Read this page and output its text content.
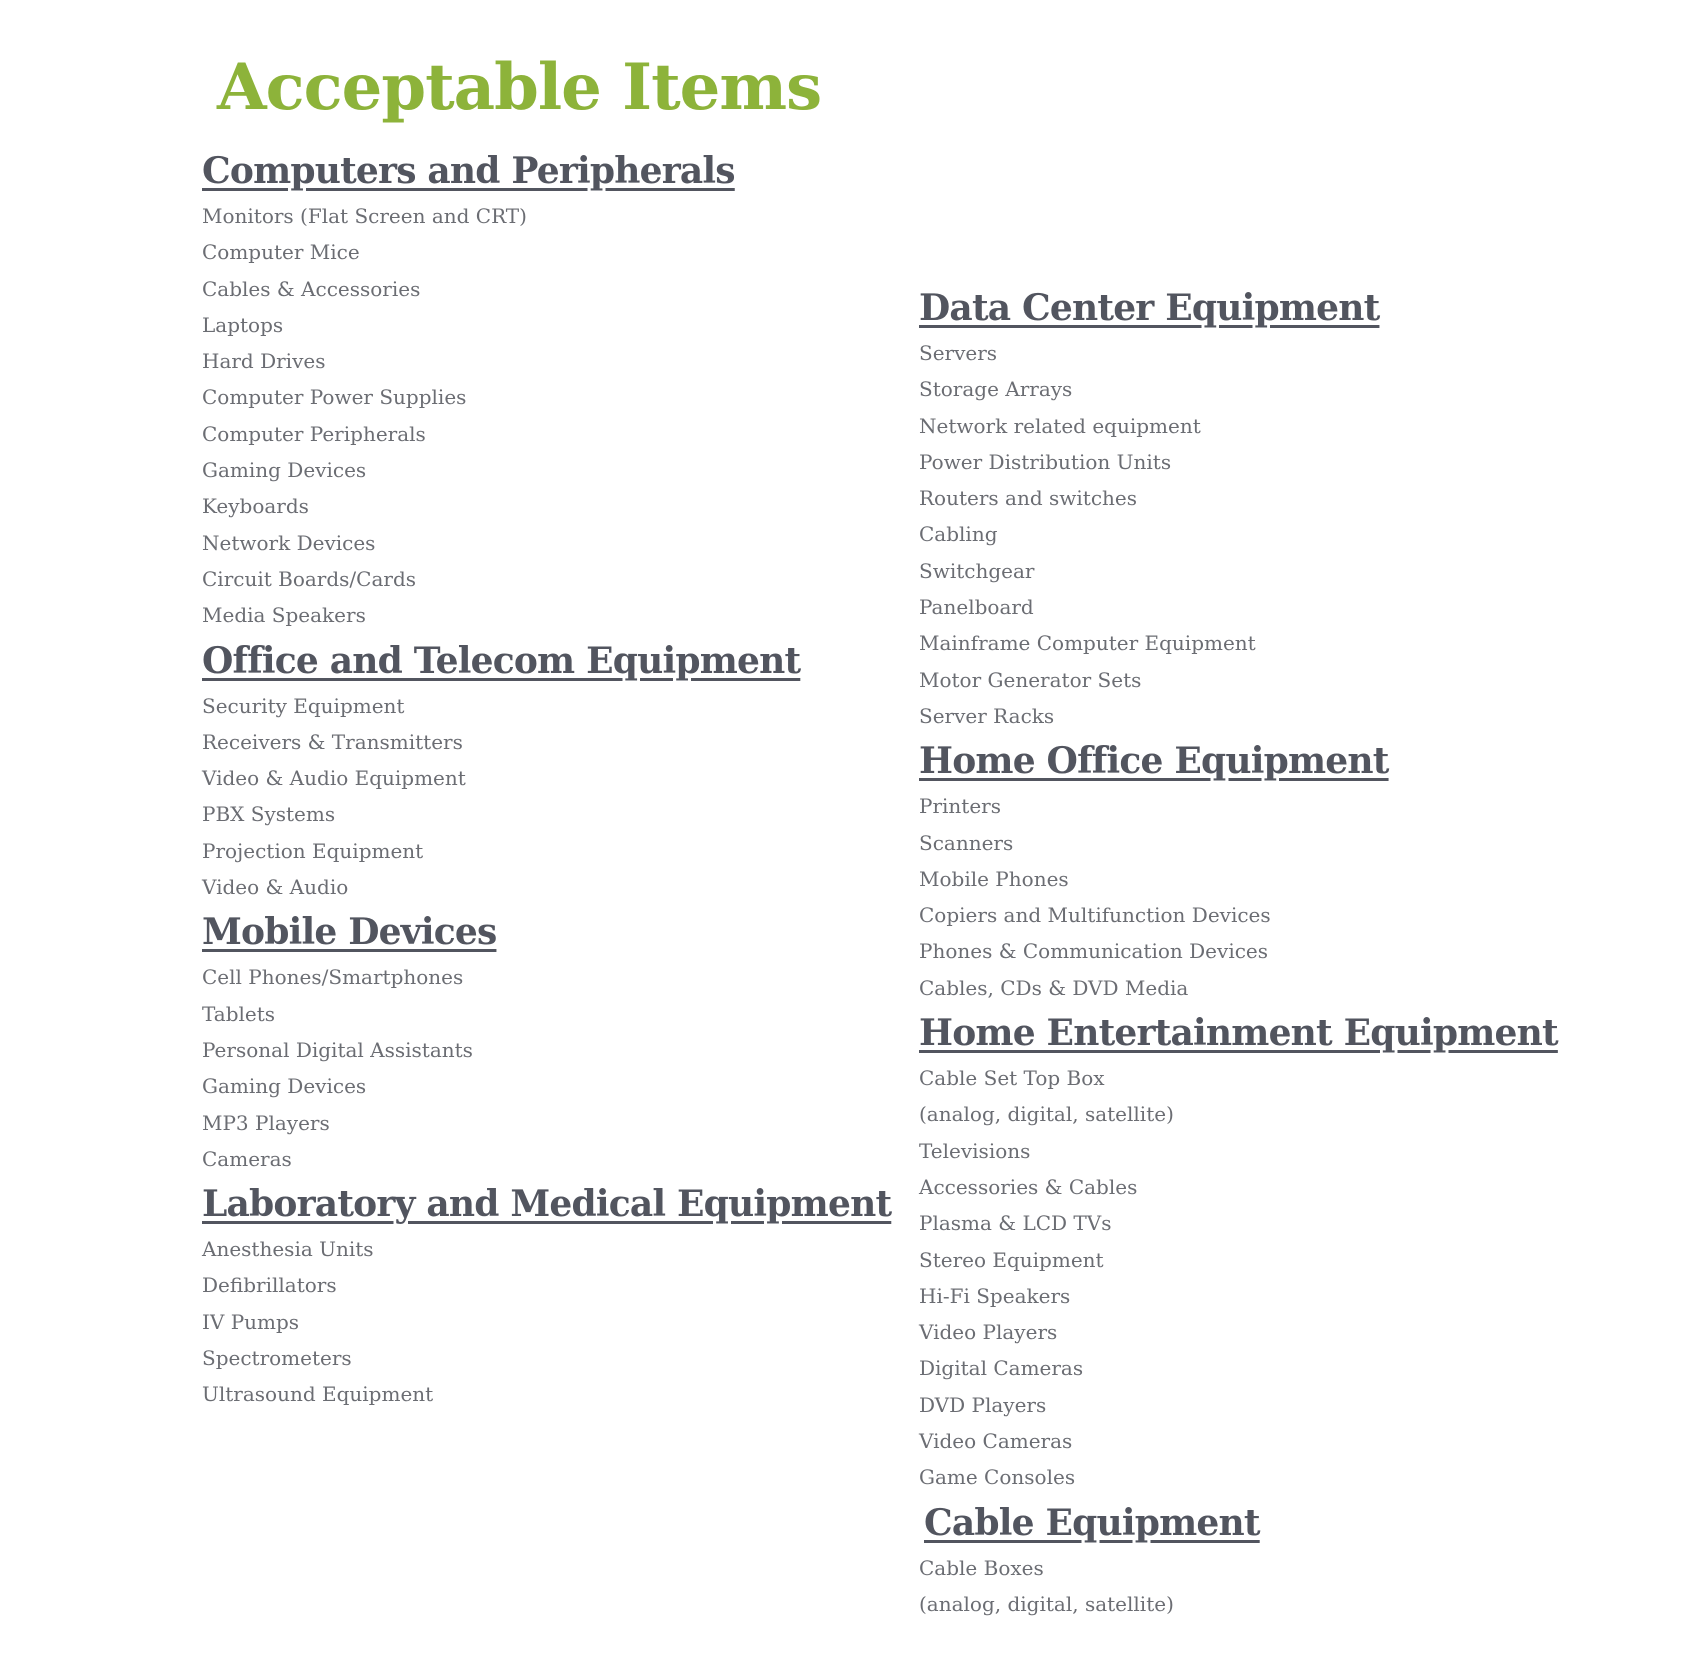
Acceptable Items
Computers and Peripherals
Monitors (Flat Screen and CRT)
Computer Mice
Cables & Accessories
Laptops
Hard Drives
Computer Power Supplies
Computer Peripherals
Gaming Devices
Keyboards
Network Devices
Circuit Boards/Cards
Media Speakers
Office and Telecom Equipment
Security Equipment
Receivers & Transmitters
Video & Audio Equipment
PBX Systems
Projection Equipment
Video & Audio
Mobile Devices
Cell Phones/Smartphones
Tablets
Personal Digital Assistants
Gaming Devices
MP3 Players
Cameras
Laboratory and Medical Equipment
Anesthesia Units
Defibrillators
IV Pumps
Spectrometers
Ultrasound Equipment
Data Center Equipment
Servers
Storage Arrays
Network related equipment
Power Distribution Units
Routers and switches
Cabling
Switchgear
Panelboard
Mainframe Computer Equipment
Motor Generator Sets
Server Racks
Home Office Equipment
Printers
Scanners
Mobile Phones
Copiers and Multifunction Devices
Phones & Communication Devices
Cables, CDs & DVD Media
Home Entertainment Equipment
Cable Set Top Box
(analog, digital, satellite)
Televisions
Accessories & Cables
Plasma & LCD TVs
Stereo Equipment
Hi-Fi Speakers
Video Players
Digital Cameras
DVD Players
Video Cameras
Game Consoles
Cable Equipment
Cable Boxes
(analog, digital, satellite)
